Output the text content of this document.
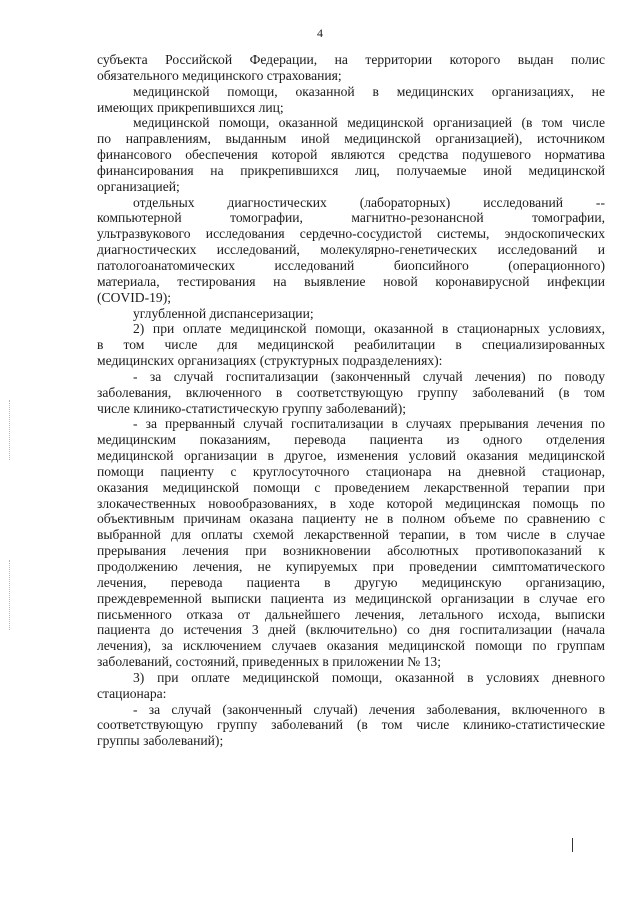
4
субъекта Российской Федерации, на территории которого выдан полис
обязательного медицинского страхования;
медицинской помощи, оказанной в медицинских организациях, не
имеющих прикрепившихся лиц;
медицинской помощи, оказанной медицинской организацией (в том числе
по направлениям, выданным иной медицинской организацией), источником
финансового обеспечения которой являются средства подушевого норматива
финансирования на прикрепившихся лиц, получаемые иной медицинской
организацией;
отдельных диагностических (лабораторных) исследований --
компьютерной томографии, магнитно-резонансной томографии,
ультразвукового исследования сердечно-сосудистой системы, эндоскопических
диагностических исследований, молекулярно-генетических исследований и
патологоанатомических исследований биопсийного (операционного)
материала, тестирования на выявление новой коронавирусной инфекции
(COVID-19);
углубленной диспансеризации;
2) при оплате медицинской помощи, оказанной в стационарных условиях,
в том числе для медицинской реабилитации в специализированных
медицинских организациях (структурных подразделениях):
- за случай госпитализации (законченный случай лечения) по поводу
заболевания, включенного в соответствующую группу заболеваний (в том
числе клинико-статистическую группу заболеваний);
- за прерванный случай госпитализации в случаях прерывания лечения по
медицинским показаниям, перевода пациента из одного отделения
медицинской организации в другое, изменения условий оказания медицинской
помощи пациенту с круглосуточного стационара на дневной стационар,
оказания медицинской помощи с проведением лекарственной терапии при
злокачественных новообразованиях, в ходе которой медицинская помощь по
объективным причинам оказана пациенту не в полном объеме по сравнению с
выбранной для оплаты схемой лекарственной терапии, в том числе в случае
прерывания лечения при возникновении абсолютных противопоказаний к
продолжению лечения, не купируемых при проведении симптоматического
лечения, перевода пациента в другую медицинскую организацию,
преждевременной выписки пациента из медицинской организации в случае его
письменного отказа от дальнейшего лечения, летального исхода, выписки
пациента до истечения 3 дней (включительно) со дня госпитализации (начала
лечения), за исключением случаев оказания медицинской помощи по группам
заболеваний, состояний, приведенных в приложении № 13;
3) при оплате медицинской помощи, оказанной в условиях дневного
стационара:
- за случай (законченный случай) лечения заболевания, включенного в
соответствующую группу заболеваний (в том числе клинико-статистические
группы заболеваний);
